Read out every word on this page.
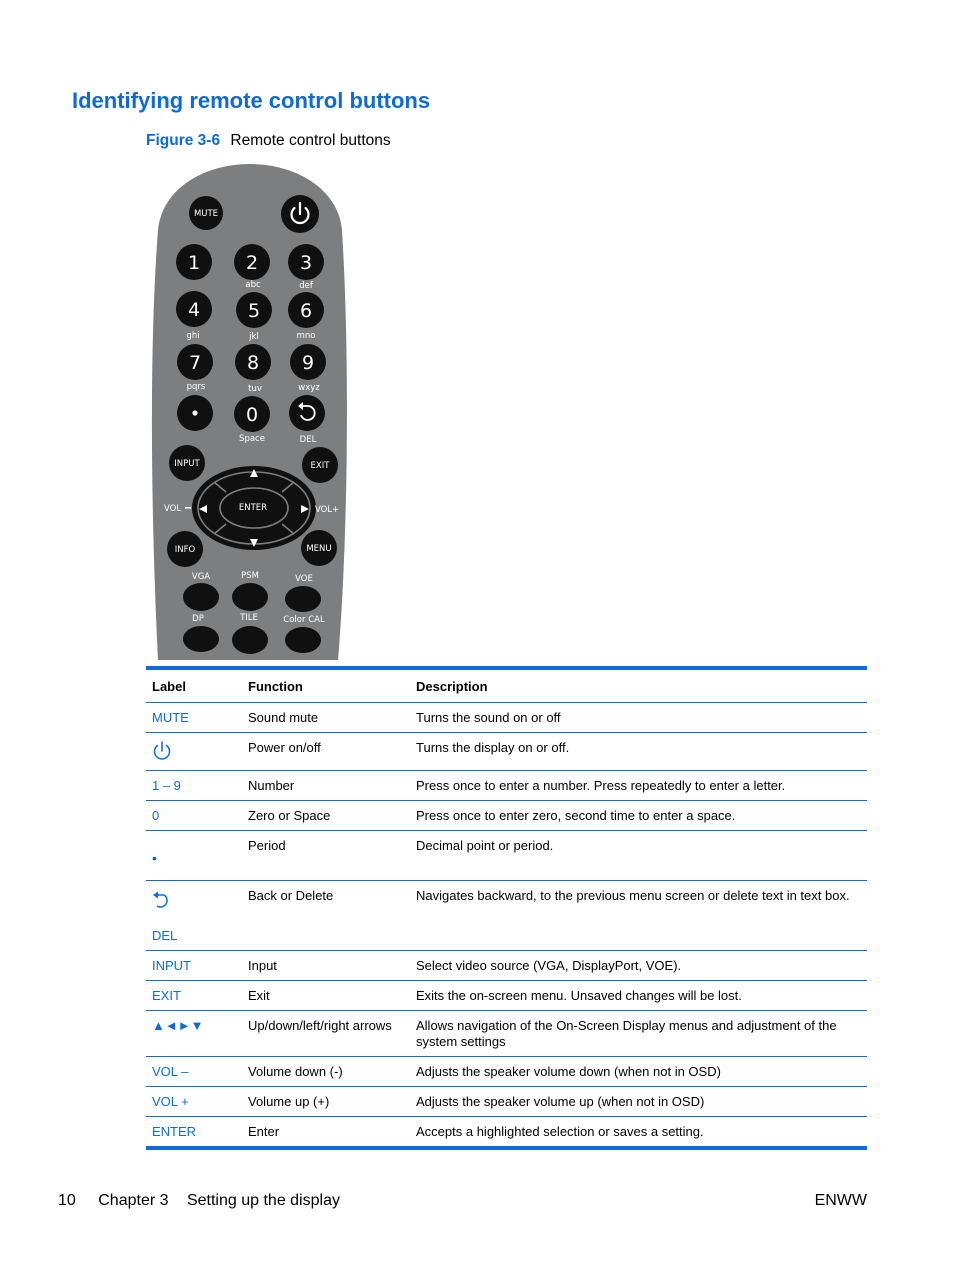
Identifying remote control buttons
Figure 3-6 Remote control buttons
MUTE
1 2 3
abc	def
4	5 6
ghi	jkl	mno
7 8 9
pqrs	tuv	wxyz
0
Space	DEL
INPUT	EXIT
ENTER
VOL	VOL+
INFO	MENU
VGA	PSM	VOE
DP	TILE	Color CAL
Label	Function	Description
MUTE	Sound mute	Turns the sound on or off

	Power on/off	Turns the display on or off.
1 – 9	Number	Press once to enter a number. Press repeatedly to enter a letter.
0	Zero or Space	Press once to enter zero, second time to enter a space.
•	Period	Decimal point or period.

DEL	Back or Delete	Navigates backward, to the previous menu screen or delete text in text box.
INPUT	Input	Select video source (VGA, DisplayPort, VOE).
EXIT	Exit	Exits the on-screen menu. Unsaved changes will be lost.
▲◄►▼	Up/down/left/right arrows	Allows navigation of the On-Screen Display menus and adjustment of the system settings
VOL –	Volume down (-)	Adjusts the speaker volume down (when not in OSD)
VOL +	Volume up (+)	Adjusts the speaker volume up (when not in OSD)
ENTER	Enter	Accepts a highlighted selection or saves a setting.
10 Chapter 3 Setting up the display	ENWW
